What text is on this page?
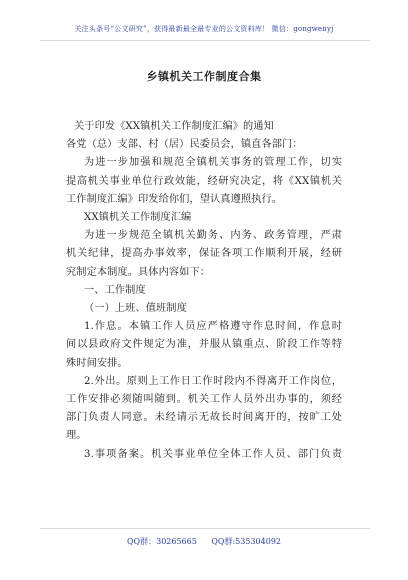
关注头条号“公文研究”，获得最新最全最专业的公文资料库！ 微信：gongwenyj
乡镇机关工作制度合集
关于印发《XX镇机关工作制度汇编》的通知
各党（总）支部、村（居）民委员会，镇直各部门：
为进一步加强和规范全镇机关事务的管理工作，切实
提高机关事业单位行政效能，经研究决定，将《XX镇机关
工作制度汇编》印发给你们，望认真遵照执行。
XX镇机关工作制度汇编
为进一步规范全镇机关勤务、内务、政务管理，严肃
机关纪律，提高办事效率，保证各项工作顺利开展，经研
究制定本制度。具体内容如下：
一、工作制度
（一）上班、值班制度
1.作息。本镇工作人员应严格遵守作息时间，作息时
间以县政府文件规定为准，并服从镇重点、阶段工作等特
殊时间安排。
2.外出。原则上工作日工作时段内不得离开工作岗位，
工作安排必须随叫随到。机关工作人员外出办事的，须经
部门负责人同意。未经请示无故长时间离开的，按旷工处
理。
3.事项备案。机关事业单位全体工作人员、部门负责
QQ群：30265665 QQ群:535304092
